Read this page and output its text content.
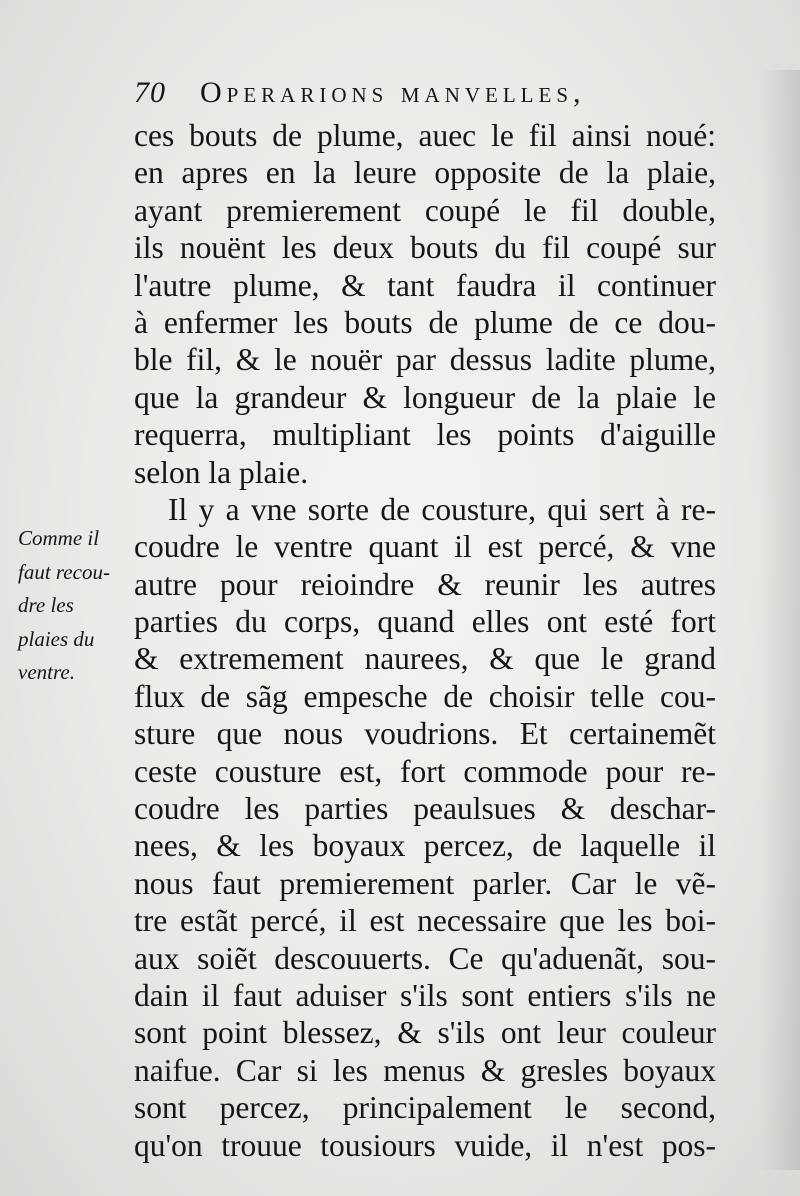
70 Operarions manvelles,
Comme il
faut recou-
dre les
plaies du
ventre.
ces bouts de plume, auec le fil ainsi noué:
en apres en la leure opposite de la plaie,
ayant premierement coupé le fil double,
ils nouënt les deux bouts du fil coupé sur
l'autre plume, & tant faudra il continuer
à enfermer les bouts de plume de ce dou-
ble fil, & le nouër par dessus ladite plume,
que la grandeur & longueur de la plaie le
requerra, multipliant les points d'aiguille
selon la plaie.
Il y a vne sorte de cousture, qui sert à re-
coudre le ventre quant il est percé, & vne
autre pour reioindre & reunir les autres
parties du corps, quand elles ont esté fort
& extremement naurees, & que le grand
flux de sãg empesche de choisir telle cou-
sture que nous voudrions. Et certainemẽt
ceste cousture est, fort commode pour re-
coudre les parties peaulsues & deschar-
nees, & les boyaux percez, de laquelle il
nous faut premierement parler. Car le vẽ-
tre estãt percé, il est necessaire que les boi-
aux soiẽt descouuerts. Ce qu'aduenãt, sou-
dain il faut aduiser s'ils sont entiers s'ils ne
sont point blessez, & s'ils ont leur couleur
naifue. Car si les menus & gresles boyaux
sont percez, principalement le second,
qu'on trouue tousiours vuide, il n'est pos-
